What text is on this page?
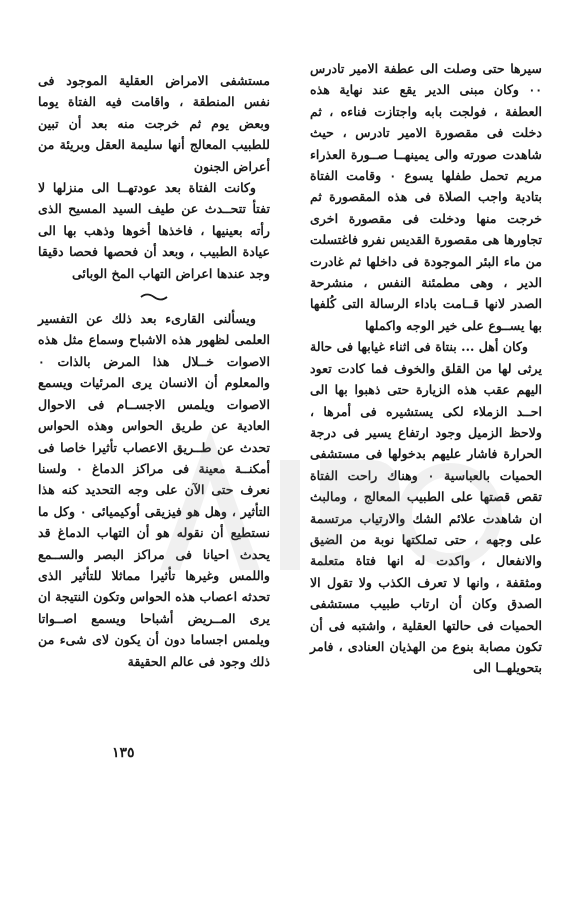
سيرها حتى وصلت الى عطفة الامير تادرس ٠٠ وكان مبنى الدير يقع عند نهاية هذه العطفة ، فولجت بابه واجتازت فناءه ، ثم دخلت فى مقصورة الامير تادرس ، حيث شاهدت صورته والى يمينهــا صــورة العذراء مريم تحمل طفلها يسوع ٠ وقامت الفتاة بتادية واجب الصلاة فى هذه المقصورة ثم خرجت منها ودخلت فى مقصورة اخرى تجاورها هى مقصورة القديس نفرو فاغتسلت من ماء البئر الموجودة فى داخلها ثم غادرت الدير ، وهى مطمئنة النفس ، منشرحة الصدر لانها قــامت باداء الرسالة التى كُلفها بها يســوع على خير الوجه واكملها

وكان أهل ... بنتاة فى اثناء غيابها فى حالة يرثى لها من القلق والخوف فما كادت تعود اليهم عقب هذه الزيارة حتى ذهبوا بها الى احــد الزملاء لكى يستشيره فى أمرها ، ولاحظ الزميل وجود ارتفاع يسير فى درجة الحرارة فاشار عليهم بدخولها فى مستشفى الحميات بالعباسية ٠ وهناك راحت الفتاة تقص قصتها على الطبيب المعالج ، ومالبث ان شاهدت علائم الشك والارتياب مرتسمة على وجهه ، حتى تملكتها نوبة من الضيق والانفعال ، واكدت له انها فتاة متعلمة ومثقفة ، وانها لا تعرف الكذب ولا تقول الا الصدق وكان أن ارتاب طبيب مستشفى الحميات فى حالتها العقلية ، واشتبه فى أن تكون مصابة بنوع من الهذيان العنادى ، فامر بتحويلهــا الى

مستشفى الامراض العقلية الموجود فى نفس المنطقة ، واقامت فيه الفتاة يوما وبعض يوم ثم خرجت منه بعد أن تبين للطبيب المعالج أنها سليمة العقل وبريئة من أعراض الجنون

وكانت الفتاة بعد عودتهــا الى منزلها لا تفتأ تتحــدث عن طيف السيد المسيح الذى رأته بعينيها ، فاخذها أخوها وذهب بها الى عيادة الطبيب ، وبعد أن فحصها فحصا دقيقا وجد عندها اعراض التهاب المخ الوبائى

ويسألنى القارىء بعد ذلك عن التفسير العلمى لظهور هذه الاشباح وسماع مثل هذه الاصوات خــلال هذا المرض بالذات ٠ والمعلوم أن الانسان يرى المرئيات ويسمع الاصوات ويلمس الاجســام فى الاحوال العادية عن طريق الحواس وهذه الحواس تحدث عن طــريق الاعصاب تأثيرا خاصا فى أمكنــة معينة فى مراكز الدماغ ٠ ولسنا نعرف حتى الآن على وجه التحديد كنه هذا التأثير ، وهل هو فيزيقى أوكيميائى ٠ وكل ما نستطيع أن نقوله هو أن التهاب الدماغ قد يحدث احيانا فى مراكز البصر والســمع واللمس وغيرها تأثيرا مماثلا للتأثير الذى تحدثه اعصاب هذه الحواس وتكون النتيجة ان يرى المــريض أشباحا ويسمع اصــواتا ويلمس اجساما دون أن يكون لاى شىء من ذلك وجود فى عالم الحقيقة

١٣٥
